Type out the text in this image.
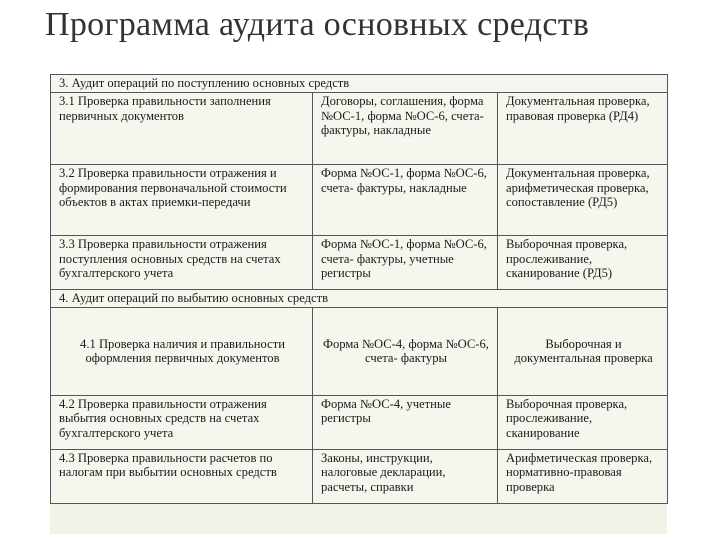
Программа аудита основных средств
3. Аудит операций по поступлению основных средств		
3.1 Проверка правильности заполнения первичных документов	Договоры, соглашения, форма №ОС-1, форма №ОС-6, счета- фактуры, накладные	Документальная проверка, правовая проверка (РД4)
3.2 Проверка правильности отражения и формирования первоначальной стоимости объектов в актах приемки-передачи	Форма №ОС-1, форма №ОС-6, счета- фактуры, накладные	Документальная проверка, арифметическая проверка, сопоставление (РД5)
3.3 Проверка правильности отражения поступления основных средств на счетах бухгалтерского учета	Форма №ОС-1, форма №ОС-6, счета- фактуры, учетные регистры	Выборочная проверка, прослеживание, сканирование (РД5)
4. Аудит операций по выбытию основных средств		
4.1 Проверка наличия и правильности оформления первичных документов	Форма №ОС-4, форма №ОС-6, счета- фактуры	Выборочная и документальная проверка
4.2 Проверка правильности отражения выбытия основных средств на счетах бухгалтерского учета	Форма №ОС-4, учетные регистры	Выборочная проверка, прослеживание, сканирование
4.3 Проверка правильности расчетов по налогам при выбытии основных средств	Законы, инструкции, налоговые декларации, расчеты, справки	Арифметическая проверка, нормативно-правовая проверка
